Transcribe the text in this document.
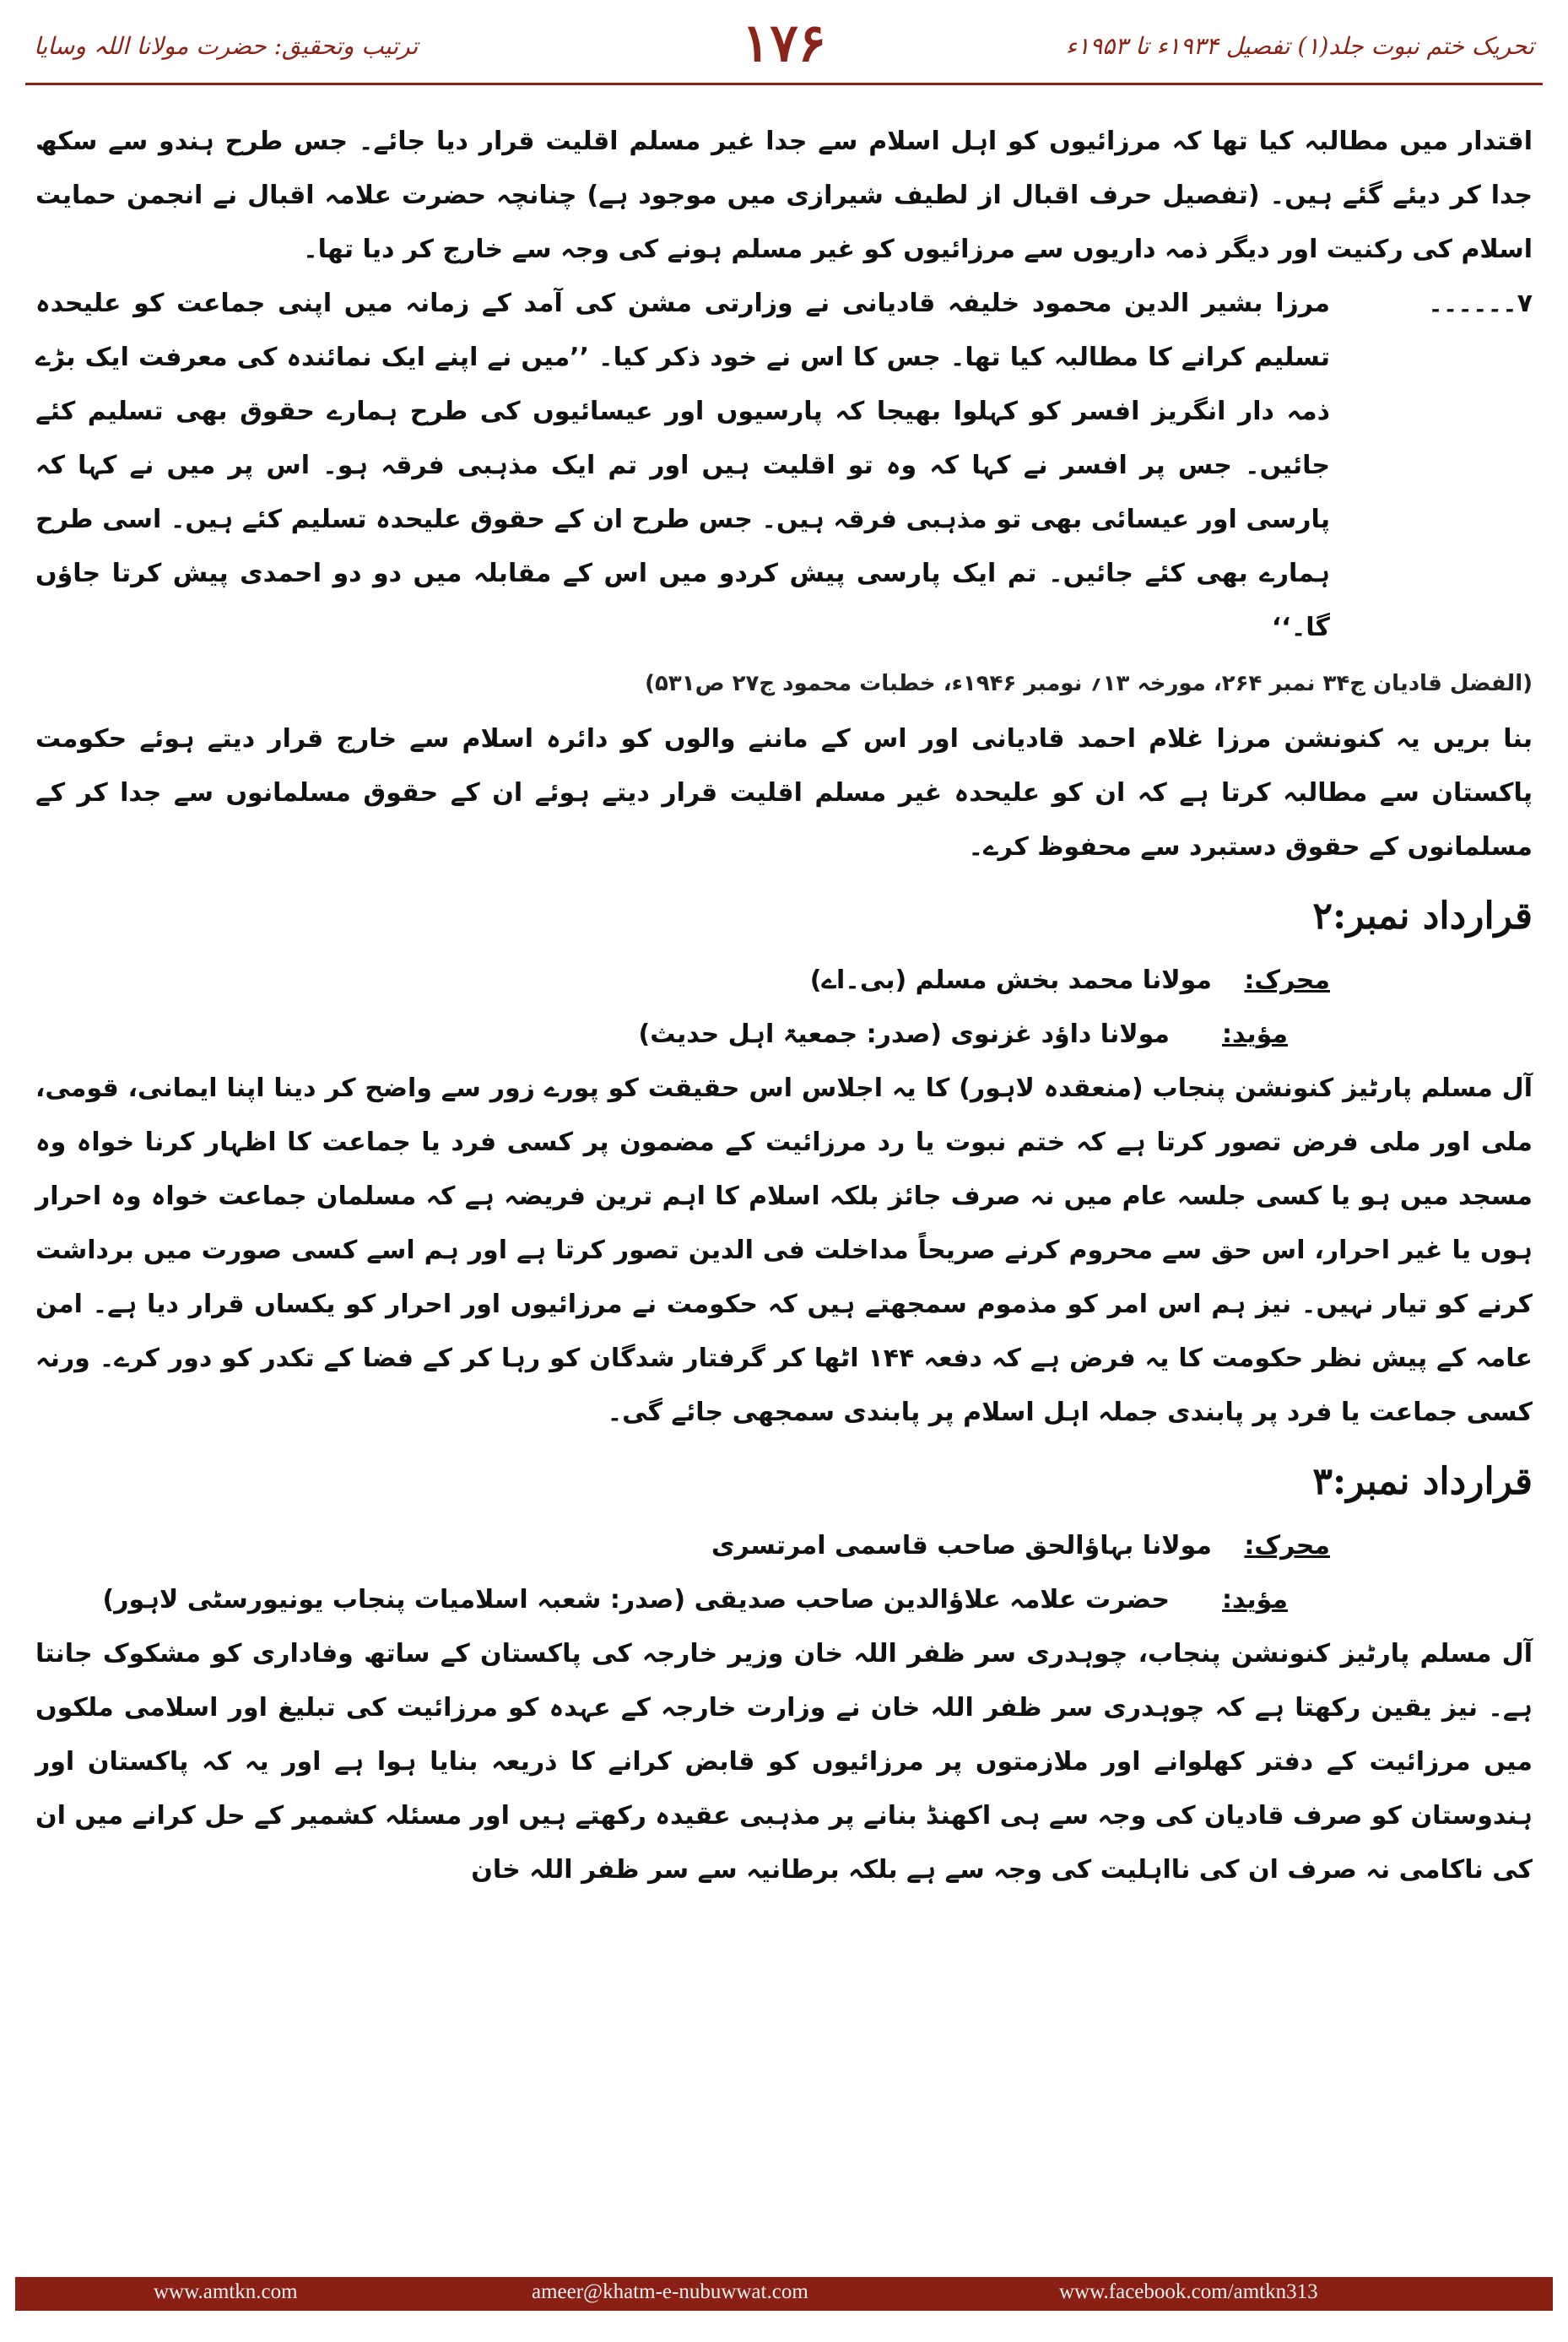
تحریک ختم نبوت جلد(۱) تفصیل ۱۹۳۴ء تا ۱۹۵۳ء
۱۷۶
ترتیب وتحقیق: حضرت مولانا اللہ وسایا

اقتدار میں مطالبہ کیا تھا کہ مرزائیوں کو اہل اسلام سے جدا غیر مسلم اقلیت قرار دیا جائے۔ جس طرح ہندو سے سکھ جدا کر دیئے گئے ہیں۔ (تفصیل حرف اقبال از لطیف شیرازی میں موجود ہے) چنانچہ حضرت علامہ اقبال نے انجمن حمایت اسلام کی رکنیت اور دیگر ذمہ داریوں سے مرزائیوں کو غیر مسلم ہونے کی وجہ سے خارج کر دیا تھا۔

۷۔۔۔۔۔۔
مرزا بشیر الدین محمود خلیفہ قادیانی نے وزارتی مشن کی آمد کے زمانہ میں اپنی جماعت کو علیحدہ تسلیم کرانے کا مطالبہ کیا تھا۔ جس کا اس نے خود ذکر کیا۔ ’’میں نے اپنے ایک نمائندہ کی معرفت ایک بڑے ذمہ دار انگریز افسر کو کہلوا بھیجا کہ پارسیوں اور عیسائیوں کی طرح ہمارے حقوق بھی تسلیم کئے جائیں۔ جس پر افسر نے کہا کہ وہ تو اقلیت ہیں اور تم ایک مذہبی فرقہ ہو۔ اس پر میں نے کہا کہ پارسی اور عیسائی بھی تو مذہبی فرقہ ہیں۔ جس طرح ان کے حقوق علیحدہ تسلیم کئے ہیں۔ اسی طرح ہمارے بھی کئے جائیں۔ تم ایک پارسی پیش کردو میں اس کے مقابلہ میں دو دو احمدی پیش کرتا جاؤں گا۔‘‘
(الفضل قادیان ج۳۴ نمبر ۲۶۴، مورخہ ۱۳؍ نومبر ۱۹۴۶ء، خطبات محمود ج۲۷ ص۵۳۱)

بنا بریں یہ کنونشن مرزا غلام احمد قادیانی اور اس کے ماننے والوں کو دائرہ اسلام سے خارج قرار دیتے ہوئے حکومت پاکستان سے مطالبہ کرتا ہے کہ ان کو علیحدہ غیر مسلم اقلیت قرار دیتے ہوئے ان کے حقوق مسلمانوں سے جدا کر کے مسلمانوں کے حقوق دستبرد سے محفوظ کرے۔

قرارداد نمبر:۲
محرک:
مولانا محمد بخش مسلم (بی۔اے)
مؤید:
مولانا داؤد غزنوی (صدر: جمعیۃ اہل حدیث)

آل مسلم پارٹیز کنونشن پنجاب (منعقدہ لاہور) کا یہ اجلاس اس حقیقت کو پورے زور سے واضح کر دینا اپنا ایمانی، قومی، ملی اور ملی فرض تصور کرتا ہے کہ ختم نبوت یا رد مرزائیت کے مضمون پر کسی فرد یا جماعت کا اظہار کرنا خواہ وہ مسجد میں ہو یا کسی جلسہ عام میں نہ صرف جائز بلکہ اسلام کا اہم ترین فریضہ ہے کہ مسلمان جماعت خواہ وہ احرار ہوں یا غیر احرار، اس حق سے محروم کرنے صریحاً مداخلت فی الدین تصور کرتا ہے اور ہم اسے کسی صورت میں برداشت کرنے کو تیار نہیں۔ نیز ہم اس امر کو مذموم سمجھتے ہیں کہ حکومت نے مرزائیوں اور احرار کو یکساں قرار دیا ہے۔ امن عامہ کے پیش نظر حکومت کا یہ فرض ہے کہ دفعہ ۱۴۴ اٹھا کر گرفتار شدگان کو رہا کر کے فضا کے تکدر کو دور کرے۔ ورنہ کسی جماعت یا فرد پر پابندی جملہ اہل اسلام پر پابندی سمجھی جائے گی۔

قرارداد نمبر:۳
محرک:
مولانا بہاؤالحق صاحب قاسمی امرتسری
مؤید:
حضرت علامہ علاؤالدین صاحب صدیقی (صدر: شعبہ اسلامیات پنجاب یونیورسٹی لاہور)

آل مسلم پارٹیز کنونشن پنجاب، چوہدری سر ظفر اللہ خان وزیر خارجہ کی پاکستان کے ساتھ وفاداری کو مشکوک جانتا ہے۔ نیز یقین رکھتا ہے کہ چوہدری سر ظفر اللہ خان نے وزارت خارجہ کے عہدہ کو مرزائیت کی تبلیغ اور اسلامی ملکوں میں مرزائیت کے دفتر کھلوانے اور ملازمتوں پر مرزائیوں کو قابض کرانے کا ذریعہ بنایا ہوا ہے اور یہ کہ پاکستان اور ہندوستان کو صرف قادیان کی وجہ سے ہی اکھنڈ بنانے پر مذہبی عقیدہ رکھتے ہیں اور مسئلہ کشمیر کے حل کرانے میں ان کی ناکامی نہ صرف ان کی نااہلیت کی وجہ سے ہے بلکہ برطانیہ سے سر ظفر اللہ خان

www.amtkn.com	ameer@khatm-e-nubuwwat.com	www.facebook.com/amtkn313
